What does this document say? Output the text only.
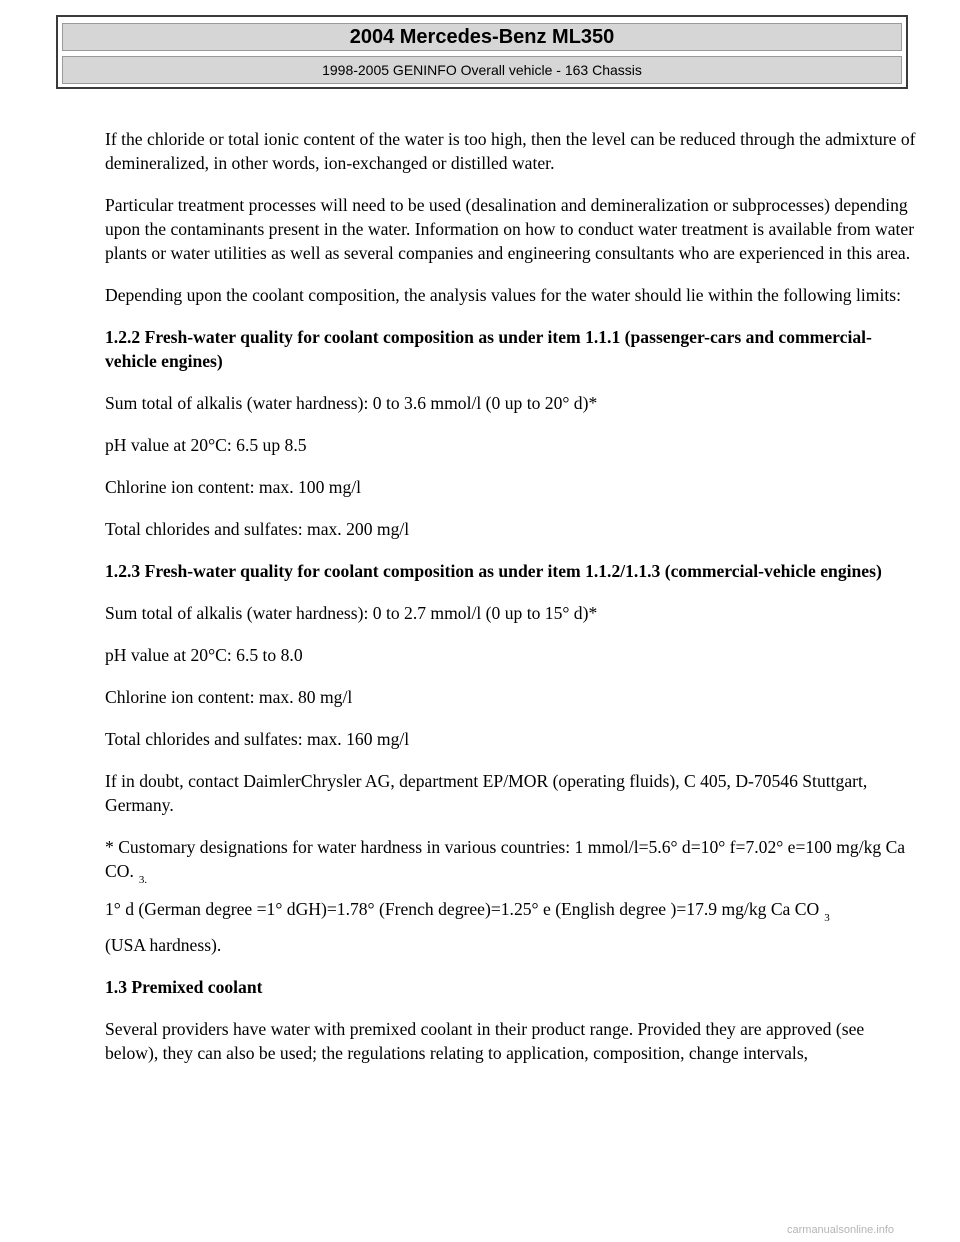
2004 Mercedes-Benz ML350
1998-2005 GENINFO Overall vehicle - 163 Chassis

If the chloride or total ionic content of the water is too high, then the level can be reduced through the admixture of demineralized, in other words, ion-exchanged or distilled water.

Particular treatment processes will need to be used (desalination and demineralization or subprocesses) depending upon the contaminants present in the water. Information on how to conduct water treatment is available from water plants or water utilities as well as several companies and engineering consultants who are experienced in this area.

Depending upon the coolant composition, the analysis values for the water should lie within the following limits:

1.2.2 Fresh-water quality for coolant composition as under item 1.1.1 (passenger-cars and commercial-vehicle engines)

Sum total of alkalis (water hardness): 0 to 3.6 mmol/l (0 up to 20° d)*

pH value at 20°C: 6.5 up 8.5

Chlorine ion content: max. 100 mg/l

Total chlorides and sulfates: max. 200 mg/l

1.2.3 Fresh-water quality for coolant composition as under item 1.1.2/1.1.3 (commercial-vehicle engines)

Sum total of alkalis (water hardness): 0 to 2.7 mmol/l (0 up to 15° d)*

pH value at 20°C: 6.5 to 8.0

Chlorine ion content: max. 80 mg/l

Total chlorides and sulfates: max. 160 mg/l

If in doubt, contact DaimlerChrysler AG, department EP/MOR (operating fluids), C 405, D-70546 Stuttgart, Germany.

* Customary designations for water hardness in various countries: 1 mmol/l=5.6° d=10° f=7.02° e=100 mg/kg Ca CO. $_{3.}$

1° d (German degree =1° dGH)=1.78° (French degree)=1.25° e (English degree )=17.9 mg/kg Ca CO $_3$

(USA hardness).

1.3 Premixed coolant

Several providers have water with premixed coolant in their product range. Provided they are approved (see below), they can also be used; the regulations relating to application, composition, change intervals,

carmanualsonline.info
